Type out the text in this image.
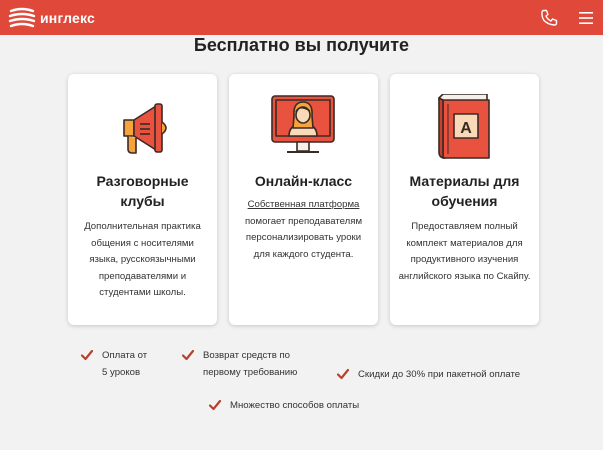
инглекс
Бесплатно вы получите
Разговорные
клубы
Дополнительная практика общения с носителями языка, русскоязычными преподавателями и студентами школы.
Онлайн-класс
Собственная платформа
помогает преподавателям персонализировать уроки для каждого студента.
A
Материалы для
обучения
Предоставляем полный комплект материалов для продуктивного изучения английского языка по Скайпу.
Оплата от
5 уроков
Возврат средств по
первому требованию	Скидки до 30% при пакетной оплате
Множество способов оплаты
